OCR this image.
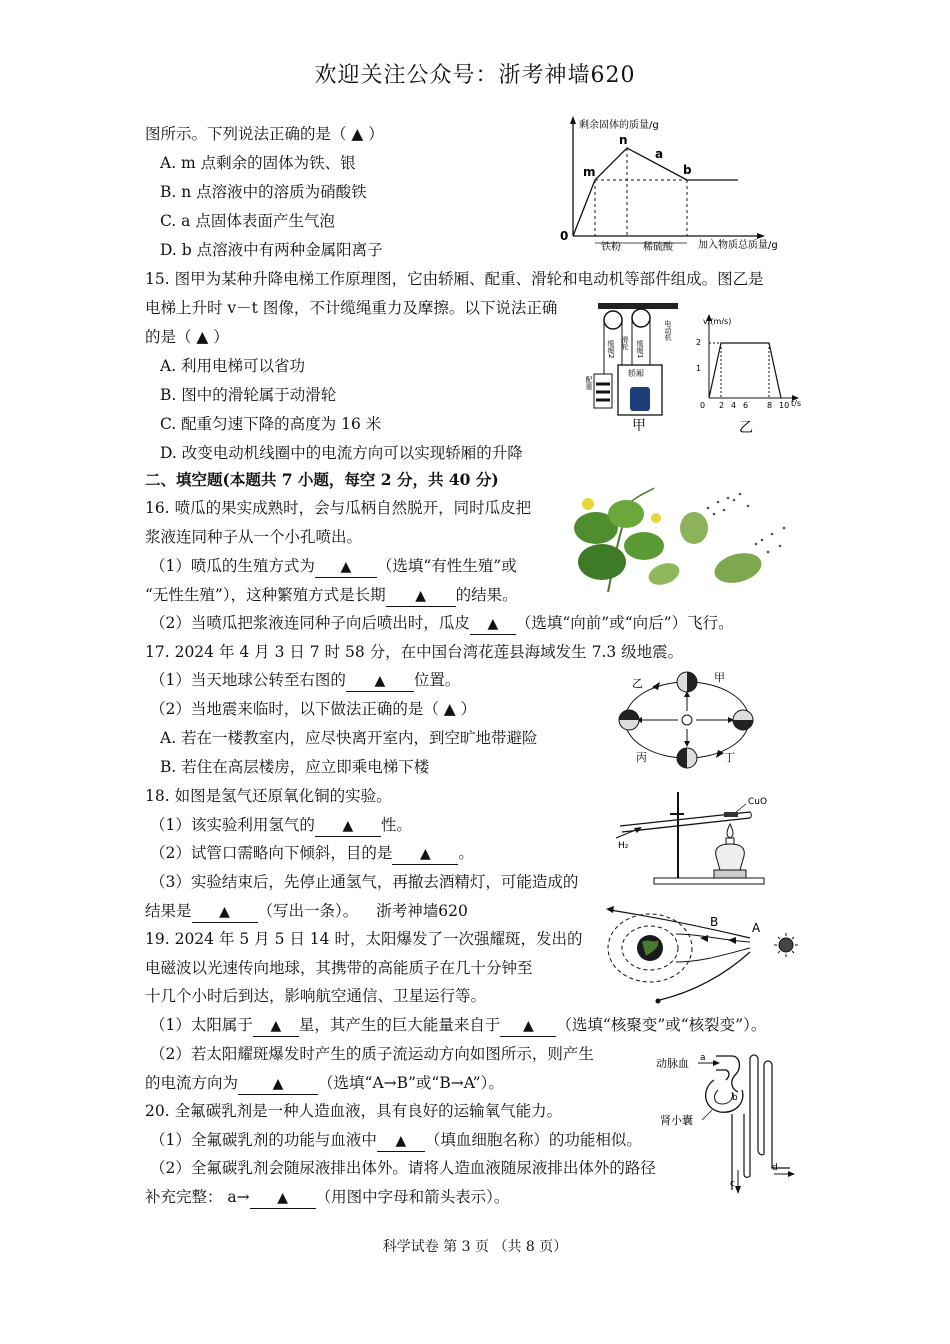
欢迎关注公众号：浙考神墙620
图所示。下列说法正确的是（ ▲ ）
A. m 点剩余的固体为铁、银
B. n 点溶液中的溶质为硝酸铁
C. a 点固体表面产生气泡
D. b 点溶液中有两种金属阳离子
剩余固体的质量/g
加入物质总质量/g
0
m
n
a
b
铁粉 稀硫酸
15. 图甲为某种升降电梯工作原理图，它由轿厢、配重、滑轮和电动机等部件组成。图乙是
电梯上升时 v－t 图像，不计缆绳重力及摩擦。以下说法正确
的是（ ▲ ）
A. 利用电梯可以省功
B. 图中的滑轮属于动滑轮
C. 配重匀速下降的高度为 16 米
D. 改变电动机线圈中的电流方向可以实现轿厢的升降
滑轮
缆绳2	缆绳1
电动机
配重
轿厢
甲
v/(m/s)
t/s
2
1
0 2 4 6 8 10
乙
二、填空题(本题共 7 小题，每空 2 分，共 40 分)
16. 喷瓜的果实成熟时，会与瓜柄自然脱开，同时瓜皮把
浆液连同种子从一个小孔喷出。
（1）喷瓜的生殖方式为 ▲ （选填“有性生殖”或
“无性生殖”），这种繁殖方式是长期 ▲ 的结果。
（2）当喷瓜把浆液连同种子向后喷出时，瓜皮 ▲ （选填“向前”或“向后”）飞行。
17. 2024 年 4 月 3 日 7 时 58 分，在中国台湾花莲县海域发生 7.3 级地震。
（1）当天地球公转至右图的 ▲ 位置。
（2）当地震来临时，以下做法正确的是（ ▲ ）
A. 若在一楼教室内，应尽快离开室内，到空旷地带避险
B. 若住在高层楼房，应立即乘电梯下楼
甲
乙
丙	丁
18. 如图是氢气还原氧化铜的实验。
（1）该实验利用氢气的 ▲ 性。
（2）试管口需略向下倾斜，目的是 ▲ 。
（3）实验结束后，先停止通氢气，再撤去酒精灯，可能造成的
结果是 ▲ （写出一条）。 浙考神墙620
CuO
H₂
19. 2024 年 5 月 5 日 14 时，太阳爆发了一次强耀斑，发出的
电磁波以光速传向地球，其携带的高能质子在几十分钟至
十几个小时后到达，影响航空通信、卫星运行等。
（1）太阳属于 ▲ 星，其产生的巨大能量来自于 ▲ （选填“核聚变”或“核裂变”）。
（2）若太阳耀斑爆发时产生的质子流运动方向如图所示，则产生
的电流方向为 ▲ （选填“A→B”或“B→A”）。
B	A
20. 全氟碳乳剂是一种人造血液，具有良好的运输氧气能力。
（1）全氟碳乳剂的功能与血液中 ▲ （填血细胞名称）的功能相似。
（2）全氟碳乳剂会随尿液排出体外。请将人造血液随尿液排出体外的路径
补充完整： a→ ▲ （用图中字母和箭头表示）。
动脉血 a
b
肾小囊
c
d
科学试卷 第 3 页 （共 8 页）
